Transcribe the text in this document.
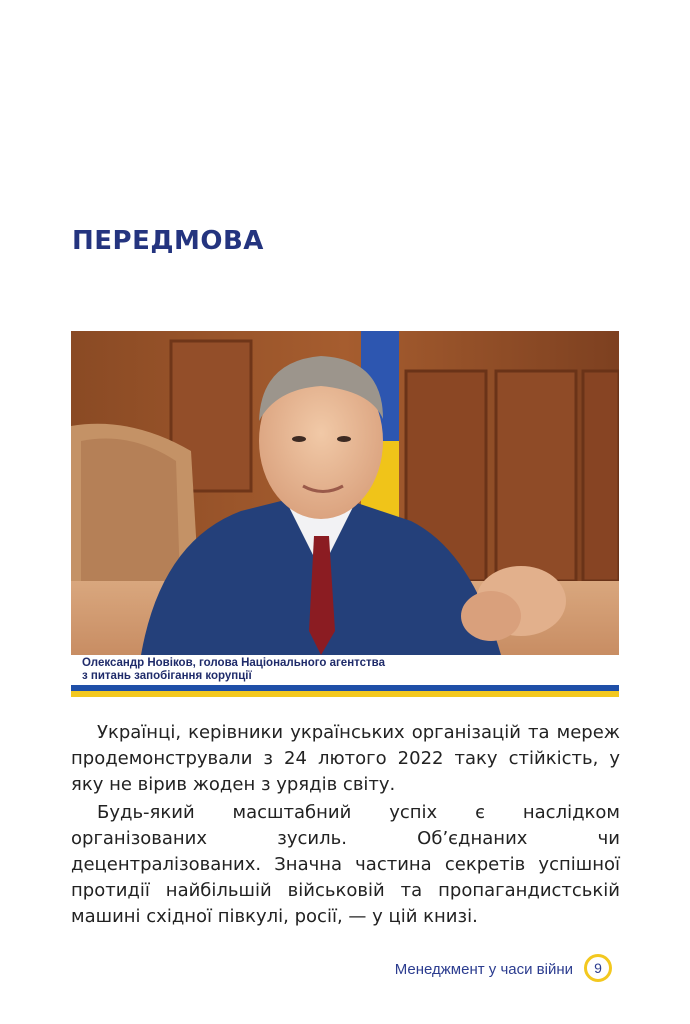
ПЕРЕДМОВА
Олександр Новіков, голова Національного агентства
з питань запобігання корупції

Українці, керівники українських організацій та мереж продемонстрували з 24 лютого 2022 таку стійкість, у яку не вірив жоден з урядів світу.

Будь-який масштабний успіх є наслідком організованих зусиль. Об’єднаних чи децентралізованих. Значна частина секретів успішної протидії найбільшій військовій та пропагандистській машині східної півкулі, росії, — у цій книзі.

Менеджмент у часи війни	9
